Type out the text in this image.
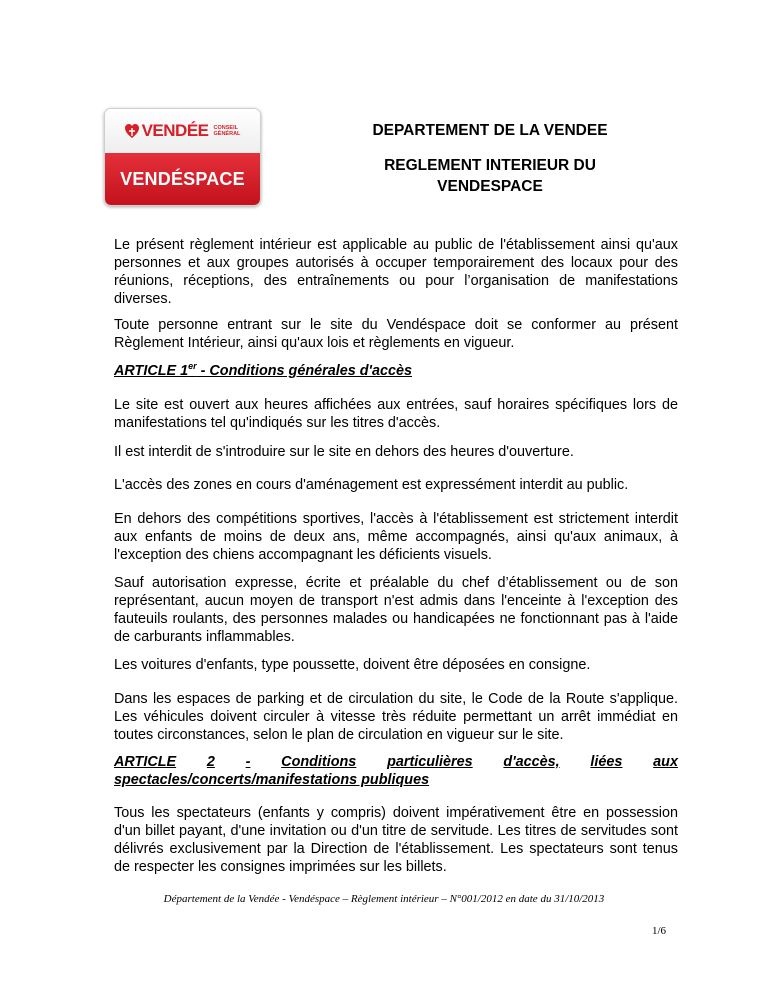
VENDÉE CONSEIL
GÉNÉRAL
VENDÉSPACE
DEPARTEMENT DE LA VENDEE
REGLEMENT INTERIEUR DU
VENDESPACE

Le présent règlement intérieur est applicable au public de l'établissement ainsi qu'aux personnes et aux groupes autorisés à occuper temporairement des locaux pour des réunions, réceptions, des entraînements ou pour l’organisation de manifestations diverses.

Toute personne entrant sur le site du Vendéspace doit se conformer au présent Règlement Intérieur, ainsi qu'aux lois et règlements en vigueur.

ARTICLE 1er - Conditions générales d'accès

Le site est ouvert aux heures affichées aux entrées, sauf horaires spécifiques lors de manifestations tel qu'indiqués sur les titres d'accès.

Il est interdit de s'introduire sur le site en dehors des heures d'ouverture.

L'accès des zones en cours d'aménagement est expressément interdit au public.

En dehors des compétitions sportives, l'accès à l'établissement est strictement interdit aux enfants de moins de deux ans, même accompagnés, ainsi qu'aux animaux, à l'exception des chiens accompagnant les déficients visuels.

Sauf autorisation expresse, écrite et préalable du chef d’établissement ou de son représentant, aucun moyen de transport n'est admis dans l'enceinte à l'exception des fauteuils roulants, des personnes malades ou handicapées ne fonctionnant pas à l'aide de carburants inflammables.

Les voitures d'enfants, type poussette, doivent être déposées en consigne.

Dans les espaces de parking et de circulation du site, le Code de la Route s'applique. Les véhicules doivent circuler à vitesse très réduite permettant un arrêt immédiat en toutes circonstances, selon le plan de circulation en vigueur sur le site.

ARTICLE 2 - Conditions particulières d'accès, liées aux

spectacles/concerts/manifestations publiques

Tous les spectateurs (enfants y compris) doivent impérativement être en possession d'un billet payant, d'une invitation ou d'un titre de servitude. Les titres de servitudes sont délivrés exclusivement par la Direction de l'établissement. Les spectateurs sont tenus de respecter les consignes imprimées sur les billets.

Département de la Vendée - Vendéspace – Règlement intérieur – N°001/2012 en date du 31/10/2013
1/6
